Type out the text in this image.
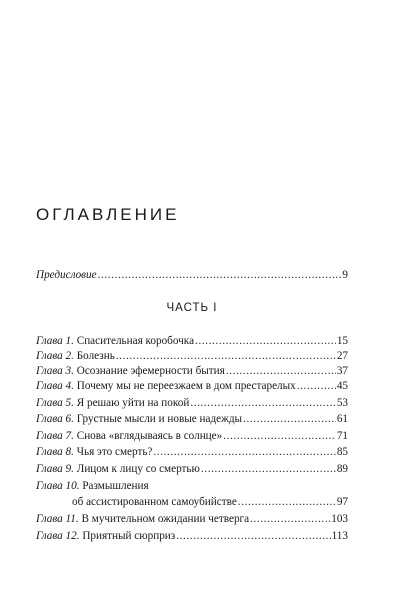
ОГЛАВЛЕНИЕ
Предисловие .....	9
ЧАСТЬ I
Глава 1. Спасительная коробочка .....	15
Глава 2. Болезнь .....	27
Глава 3. Осознание эфемерности бытия .....	37
Глава 4. Почему мы не переезжаем в дом престарелых .....	45
Глава 5. Я решаю уйти на покой .....	53
Глава 6. Грустные мысли и новые надежды .....	61
Глава 7. Снова «вглядываясь в солнце» .....	71
Глава 8. Чья это смерть? .....	85
Глава 9. Лицом к лицу со смертью .....	89
Глава 10. Размышления
об ассистированном самоубийстве .....	97
Глава 11. В мучительном ожидании четверга .....	103
Глава 12. Приятный сюрприз .....	113
